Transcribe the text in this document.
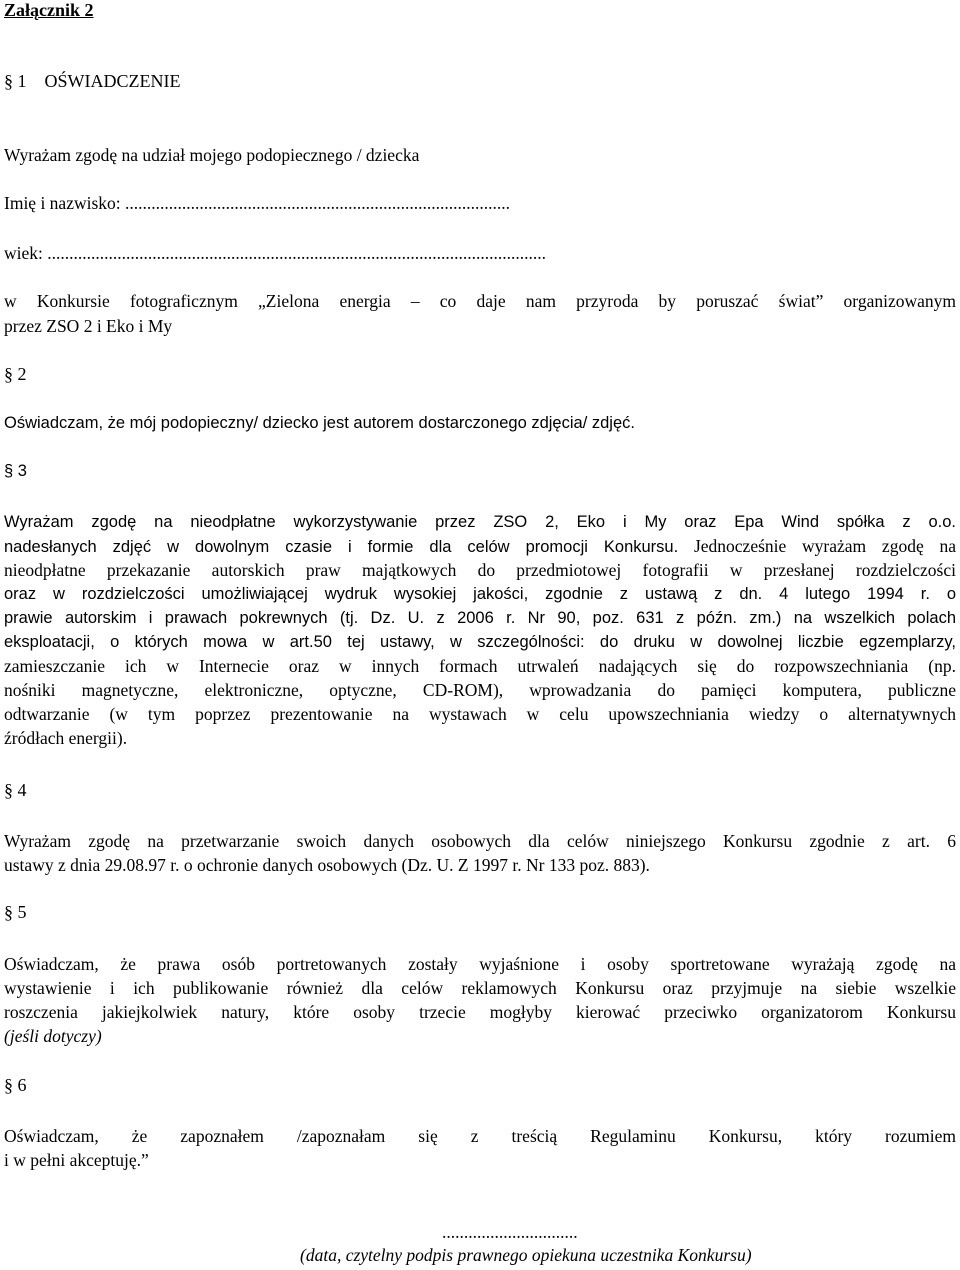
Załącznik 2
§ 1 OŚWIADCZENIE
Wyrażam zgodę na udział mojego podopiecznego / dziecka
Imię i nazwisko: ........................................................................................
wiek: ..................................................................................................................
w Konkursie fotograficznym „Zielona energia – co daje nam przyroda by poruszać świat” organizowanym
przez ZSO 2 i Eko i My
§ 2
Oświadczam, że mój podopieczny/ dziecko jest autorem dostarczonego zdjęcia/ zdjęć.
§ 3
Wyrażam zgodę na nieodpłatne wykorzystywanie przez ZSO 2, Eko i My oraz Epa Wind spółka z o.o.
nadesłanych zdjęć w dowolnym czasie i formie dla celów promocji Konkursu. Jednocześnie wyrażam zgodę na
nieodpłatne przekazanie autorskich praw majątkowych do przedmiotowej fotografii w przesłanej rozdzielczości
oraz w rozdzielczości umożliwiającej wydruk wysokiej jakości, zgodnie z ustawą z dn. 4 lutego 1994 r. o
prawie autorskim i prawach pokrewnych (tj. Dz. U. z 2006 r. Nr 90, poz. 631 z późn. zm.) na wszelkich polach
eksploatacji, o których mowa w art.50 tej ustawy, w szczególności: do druku w dowolnej liczbie egzemplarzy,
zamieszczanie ich w Internecie oraz w innych formach utrwaleń nadających się do rozpowszechniania (np.
nośniki magnetyczne, elektroniczne, optyczne, CD-ROM), wprowadzania do pamięci komputera, publiczne
odtwarzanie (w tym poprzez prezentowanie na wystawach w celu upowszechniania wiedzy o alternatywnych
źródłach energii).
§ 4
Wyrażam zgodę na przetwarzanie swoich danych osobowych dla celów niniejszego Konkursu zgodnie z art. 6
ustawy z dnia 29.08.97 r. o ochronie danych osobowych (Dz. U. Z 1997 r. Nr 133 poz. 883).
§ 5
Oświadczam, że prawa osób portretowanych zostały wyjaśnione i osoby sportretowane wyrażają zgodę na
wystawienie i ich publikowanie również dla celów reklamowych Konkursu oraz przyjmuje na siebie wszelkie
roszczenia jakiejkolwiek natury, które osoby trzecie mogłyby kierować przeciwko organizatorom Konkursu
(jeśli dotyczy)
§ 6
Oświadczam, że zapoznałem /zapoznałam się z treścią Regulaminu Konkursu, który rozumiem
i w pełni akceptuję.”
...............................
(data, czytelny podpis prawnego opiekuna uczestnika Konkursu)
